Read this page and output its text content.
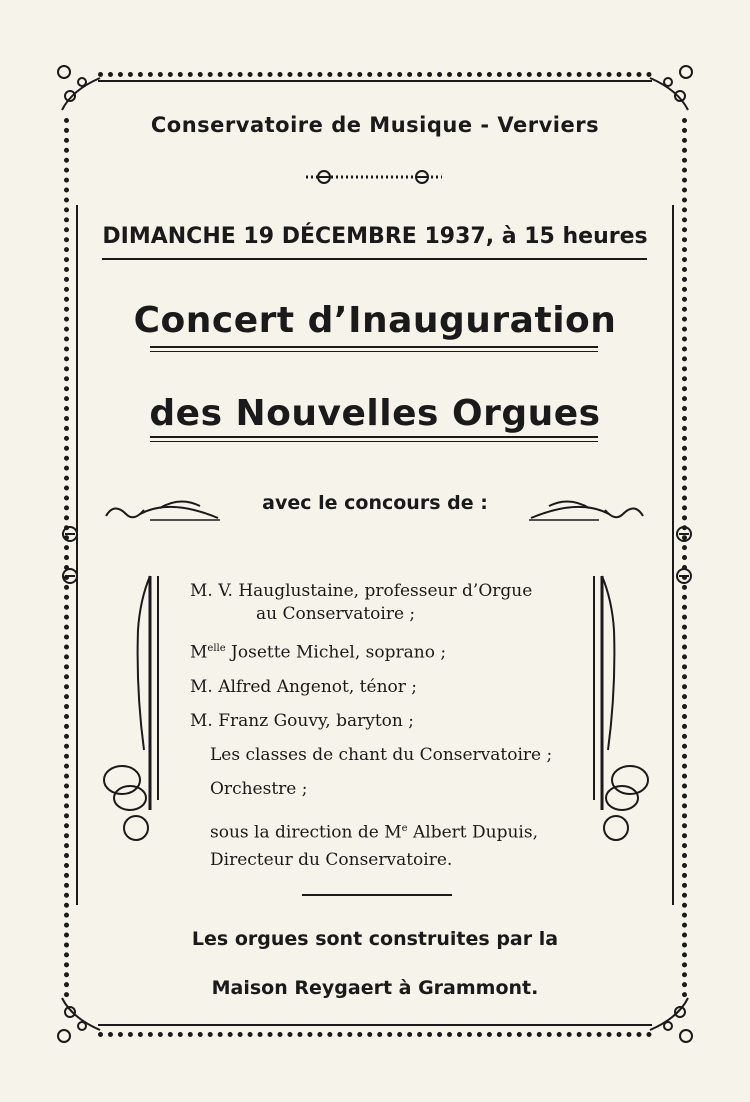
Conservatoire de Musique - Verviers
DIMANCHE 19 DÉCEMBRE 1937, à 15 heures
Concert d’Inauguration
des Nouvelles Orgues
avec le concours de :
M. V. Hauglustaine, professeur d’Orgue
au Conservatoire ;
$M^{elle}$ Josette Michel, soprano ;
M. Alfred Angenot, ténor ;
M. Franz Gouvy, baryton ;
Les classes de chant du Conservatoire ;
Orchestre ;
sous la direction de Me Albert Dupuis,
Directeur du Conservatoire.
Les orgues sont construites par la
Maison Reygaert à Grammont.
